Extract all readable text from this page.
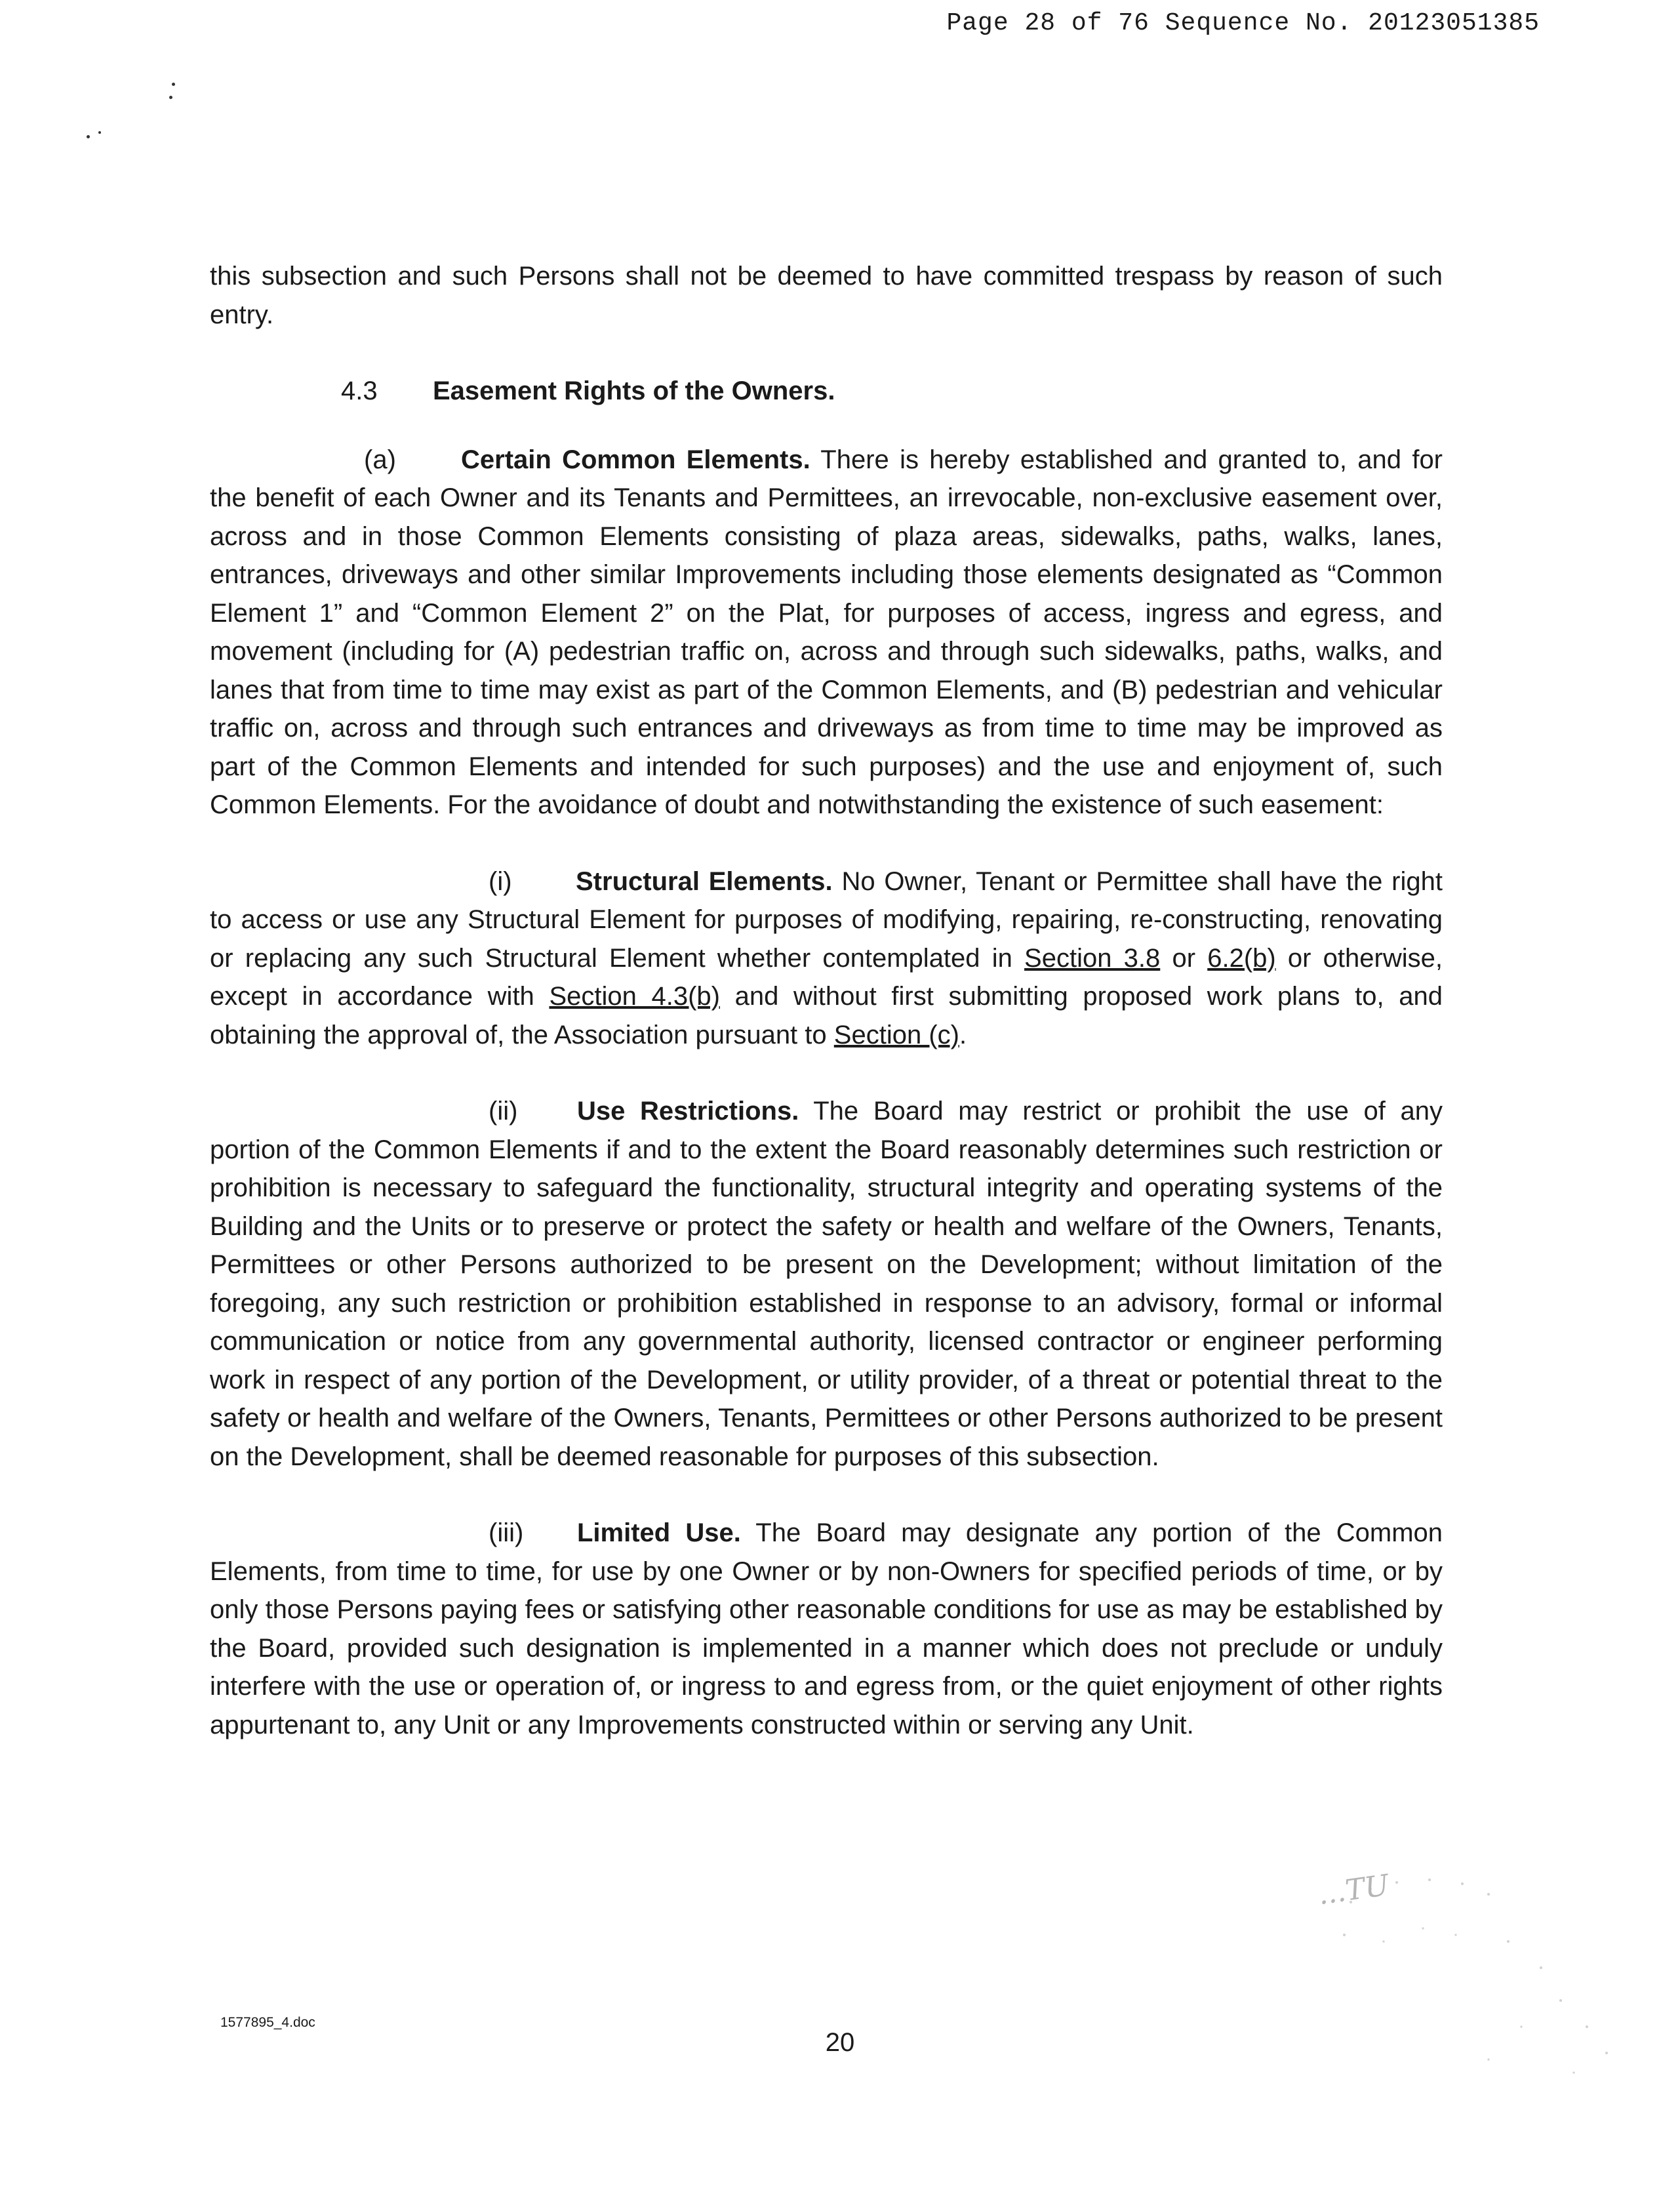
Page 28 of 76 Sequence No. 20123051385

this subsection and such Persons shall not be deemed to have committed trespass by reason of such entry.

4.3 Easement Rights of the Owners.

(a) Certain Common Elements. There is hereby established and granted to, and for the benefit of each Owner and its Tenants and Permittees, an irrevocable, non-exclusive easement over, across and in those Common Elements consisting of plaza areas, sidewalks, paths, walks, lanes, entrances, driveways and other similar Improvements including those elements designated as “Common Element 1” and “Common Element 2” on the Plat, for purposes of access, ingress and egress, and movement (including for (A) pedestrian traffic on, across and through such sidewalks, paths, walks, and lanes that from time to time may exist as part of the Common Elements, and (B) pedestrian and vehicular traffic on, across and through such entrances and driveways as from time to time may be improved as part of the Common Elements and intended for such purposes) and the use and enjoyment of, such Common Elements. For the avoidance of doubt and notwithstanding the existence of such easement:

(i) Structural Elements. No Owner, Tenant or Permittee shall have the right to access or use any Structural Element for purposes of modifying, repairing, re-constructing, renovating or replacing any such Structural Element whether contemplated in Section 3.8 or 6.2(b) or otherwise, except in accordance with Section 4.3(b) and without first submitting proposed work plans to, and obtaining the approval of, the Association pursuant to Section (c).

(ii) Use Restrictions. The Board may restrict or prohibit the use of any portion of the Common Elements if and to the extent the Board reasonably determines such restriction or prohibition is necessary to safeguard the functionality, structural integrity and operating systems of the Building and the Units or to preserve or protect the safety or health and welfare of the Owners, Tenants, Permittees or other Persons authorized to be present on the Development; without limitation of the foregoing, any such restriction or prohibition established in response to an advisory, formal or informal communication or notice from any governmental authority, licensed contractor or engineer performing work in respect of any portion of the Development, or utility provider, of a threat or potential threat to the safety or health and welfare of the Owners, Tenants, Permittees or other Persons authorized to be present on the Development, shall be deemed reasonable for purposes of this subsection.

(iii) Limited Use. The Board may designate any portion of the Common Elements, from time to time, for use by one Owner or by non-Owners for specified periods of time, or by only those Persons paying fees or satisfying other reasonable conditions for use as may be established by the Board, provided such designation is implemented in a manner which does not preclude or unduly interfere with the use or operation of, or ingress to and egress from, or the quiet enjoyment of other rights appurtenant to, any Unit or any Improvements constructed within or serving any Unit.

...TU
1577895_4.doc
20
